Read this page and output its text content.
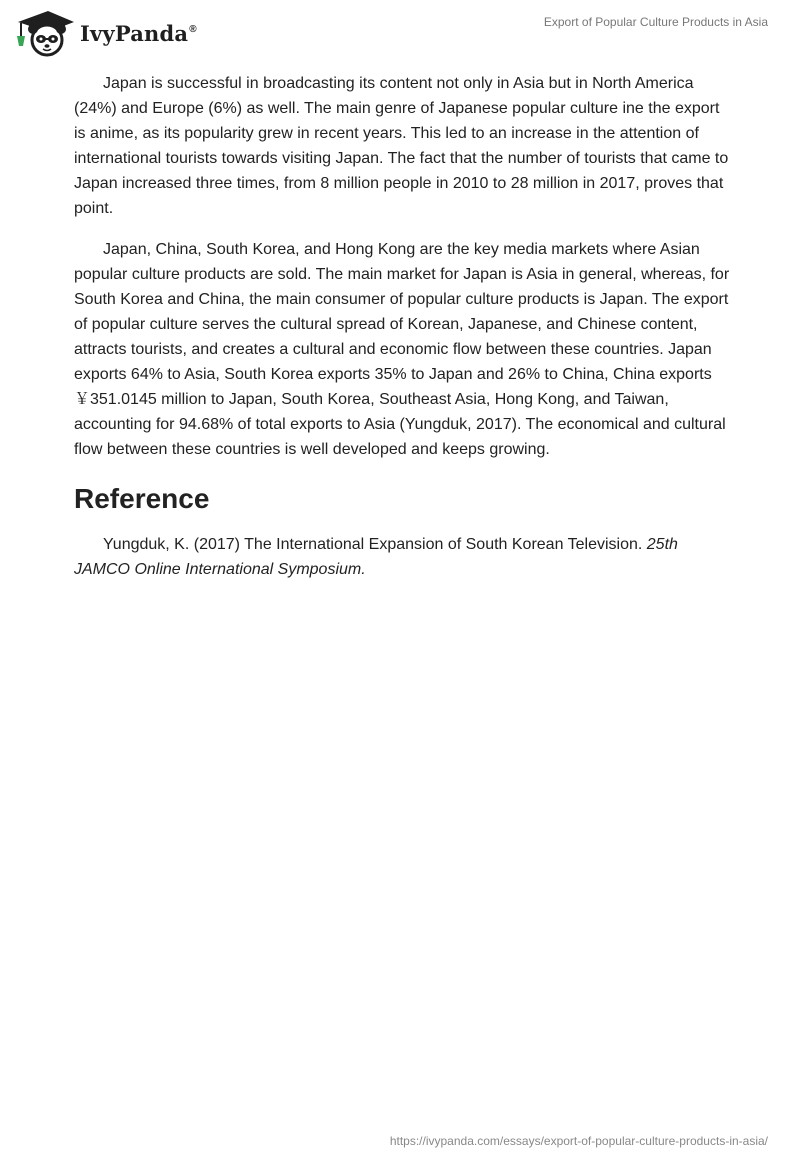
IvyPanda®	Export of Popular Culture Products in Asia

Japan is successful in broadcasting its content not only in Asia but in North America (24%) and Europe (6%) as well. The main genre of Japanese popular culture ine the export is anime, as its popularity grew in recent years. This led to an increase in the attention of international tourists towards visiting Japan. The fact that the number of tourists that came to Japan increased three times, from 8 million people in 2010 to 28 million in 2017, proves that point.

Japan, China, South Korea, and Hong Kong are the key media markets where Asian popular culture products are sold. The main market for Japan is Asia in general, whereas, for South Korea and China, the main consumer of popular culture products is Japan. The export of popular culture serves the cultural spread of Korean, Japanese, and Chinese content, attracts tourists, and creates a cultural and economic flow between these countries. Japan exports 64% to Asia, South Korea exports 35% to Japan and 26% to China, China exports ￥351.0145 million to Japan, South Korea, Southeast Asia, Hong Kong, and Taiwan, accounting for 94.68% of total exports to Asia (Yungduk, 2017). The economical and cultural flow between these countries is well developed and keeps growing.

Reference

Yungduk, K. (2017) The International Expansion of South Korean Television. 25th JAMCO Online International Symposium.

https://ivypanda.com/essays/export-of-popular-culture-products-in-asia/
